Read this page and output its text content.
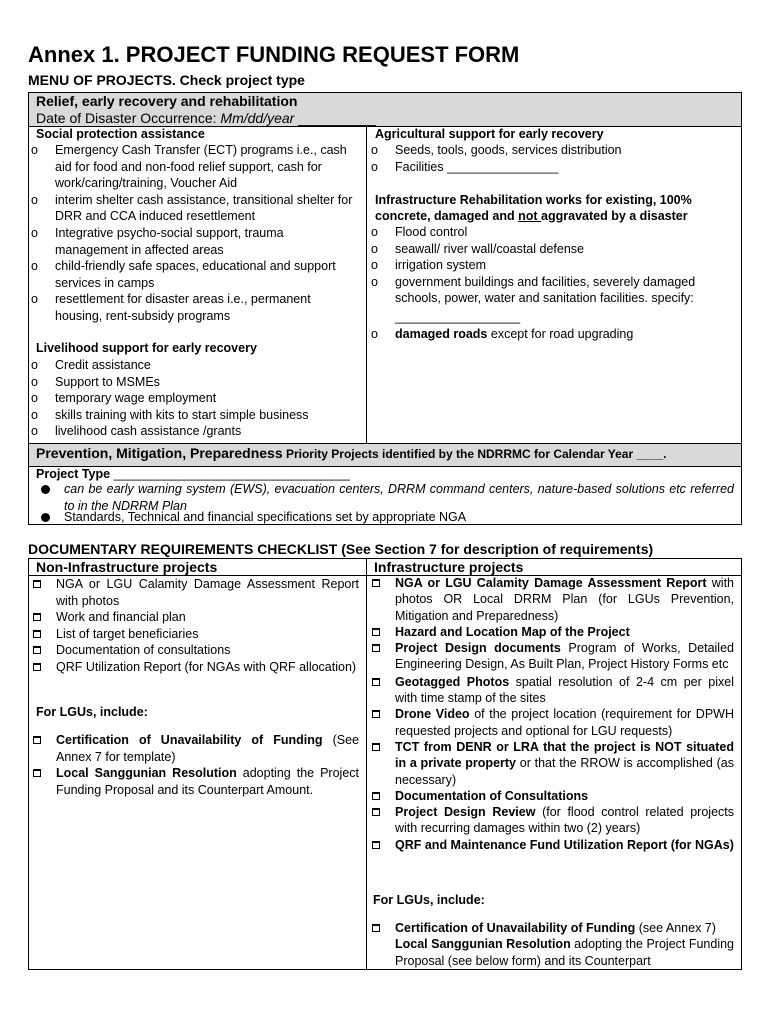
Annex 1. PROJECT FUNDING REQUEST FORM
MENU OF PROJECTS. Check project type
Relief, early recovery and rehabilitation
Date of Disaster Occurrence: Mm/dd/year __________
Social protection assistance
o Emergency Cash Transfer (ECT) programs i.e., cash aid for food and non-food relief support, cash for work/caring/training, Voucher Aid
o interim shelter cash assistance, transitional shelter for DRR and CCA induced resettlement
o Integrative psycho-social support, trauma management in affected areas
o child-friendly safe spaces, educational and support services in camps
o resettlement for disaster areas i.e., permanent housing, rent-subsidy programs
Livelihood support for early recovery
o Credit assistance
o Support to MSMEs
o temporary wage employment
o skills training with kits to start simple business
o livelihood cash assistance /grants
Agricultural support for early recovery
o Seeds, tools, goods, services distribution
o Facilities ________________
Infrastructure Rehabilitation works for existing, 100%
concrete, damaged and not aggravated by a disaster
o Flood control
o seawall/ river wall/coastal defense
o irrigation system
o government buildings and facilities, severely damaged schools, power, water and sanitation facilities. specify:
__________________
o damaged roads except for road upgrading
Prevention, Mitigation, Preparedness Priority Projects identified by the NDRRMC for Calendar Year ____.
Project Type __________________________________
can be early warning system (EWS), evacuation centers, DRRM command centers, nature-based solutions etc referred to in the NDRRM Plan
Standards, Technical and financial specifications set by appropriate NGA
DOCUMENTARY REQUIREMENTS CHECKLIST (See Section 7 for description of requirements)
Non-Infrastructure projects	Infrastructure projects
NGA or LGU Calamity Damage Assessment Report with photos
Work and financial plan
List of target beneficiaries
Documentation of consultations
QRF Utilization Report (for NGAs with QRF allocation)
For LGUs, include:
Certification of Unavailability of Funding (See Annex 7 for template)
Local Sanggunian Resolution adopting the Project Funding Proposal and its Counterpart Amount.
NGA or LGU Calamity Damage Assessment Report with photos OR Local DRRM Plan (for LGUs Prevention, Mitigation and Preparedness)
Hazard and Location Map of the Project
Project Design documents Program of Works, Detailed Engineering Design, As Built Plan, Project History Forms etc
Geotagged Photos spatial resolution of 2-4 cm per pixel with time stamp of the sites
Drone Video of the project location (requirement for DPWH requested projects and optional for LGU requests)
TCT from DENR or LRA that the project is NOT situated in a private property or that the RROW is accomplished (as necessary)
Documentation of Consultations
Project Design Review (for flood control related projects with recurring damages within two (2) years)
QRF and Maintenance Fund Utilization Report (for NGAs)
For LGUs, include:
Certification of Unavailability of Funding (see Annex 7)
Local Sanggunian Resolution adopting the Project Funding Proposal (see below form) and its Counterpart
